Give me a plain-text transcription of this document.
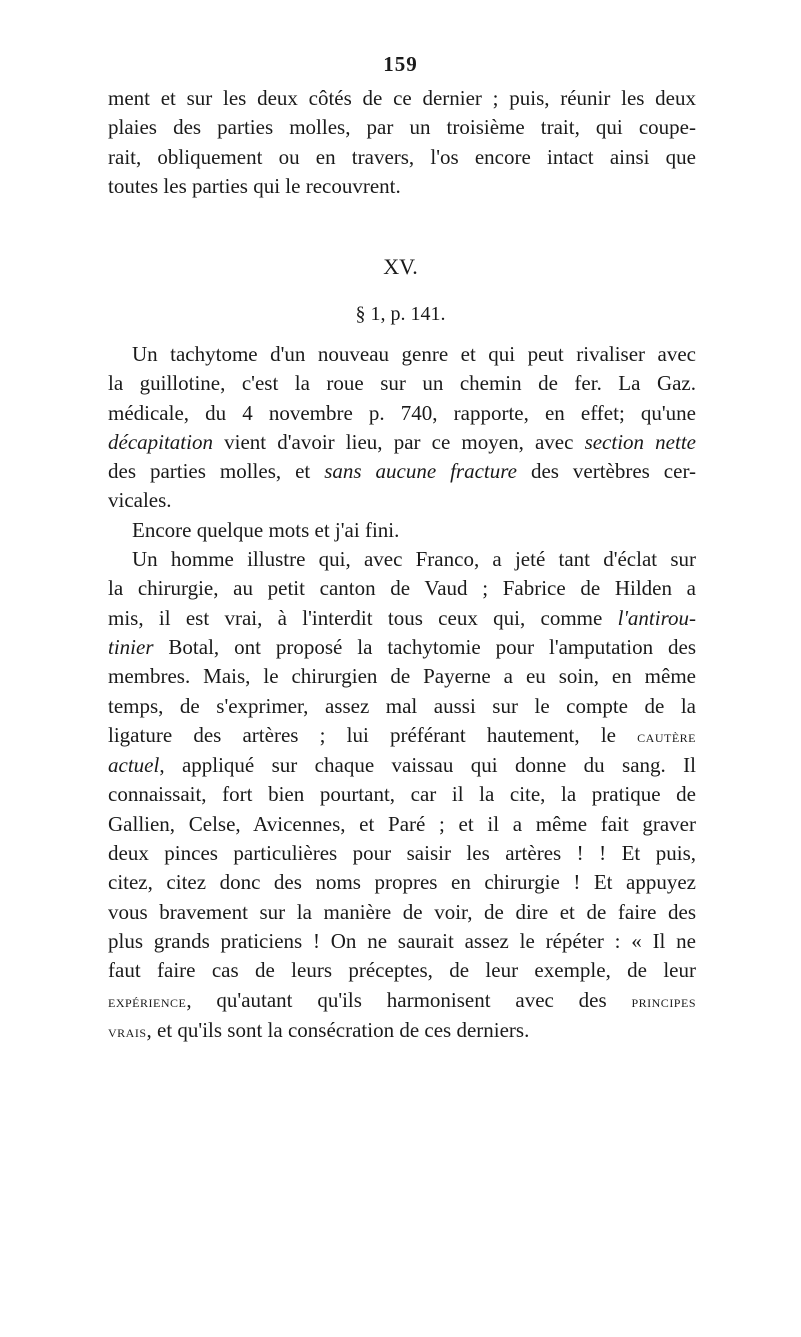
159
ment et sur les deux côtés de ce dernier ; puis, réunir les deux
plaies des parties molles, par un troisième trait, qui coupe-
rait, obliquement ou en travers, l'os encore intact ainsi que
toutes les parties qui le recouvrent.
XV.
§ 1, p. 141.
Un tachytome d'un nouveau genre et qui peut rivaliser avec
la guillotine, c'est la roue sur un chemin de fer. La Gaz.
médicale, du 4 novembre p. 740, rapporte, en effet; qu'une
décapitation vient d'avoir lieu, par ce moyen, avec section nette
des parties molles, et sans aucune fracture des vertèbres cer-
vicales.
Encore quelque mots et j'ai fini.
Un homme illustre qui, avec Franco, a jeté tant d'éclat sur
la chirurgie, au petit canton de Vaud ; Fabrice de Hilden a
mis, il est vrai, à l'interdit tous ceux qui, comme l'antirou-
tinier Botal, ont proposé la tachytomie pour l'amputation des
membres. Mais, le chirurgien de Payerne a eu soin, en même
temps, de s'exprimer, assez mal aussi sur le compte de la
ligature des artères ; lui préférant hautement, le cautère
actuel, appliqué sur chaque vaissau qui donne du sang. Il
connaissait, fort bien pourtant, car il la cite, la pratique de
Gallien, Celse, Avicennes, et Paré ; et il a même fait graver
deux pinces particulières pour saisir les artères ! ! Et puis,
citez, citez donc des noms propres en chirurgie ! Et appuyez
vous bravement sur la manière de voir, de dire et de faire des
plus grands praticiens ! On ne saurait assez le répéter : « Il ne
faut faire cas de leurs préceptes, de leur exemple, de leur
expérience, qu'autant qu'ils harmonisent avec des principes
vrais, et qu'ils sont la consécration de ces derniers.
